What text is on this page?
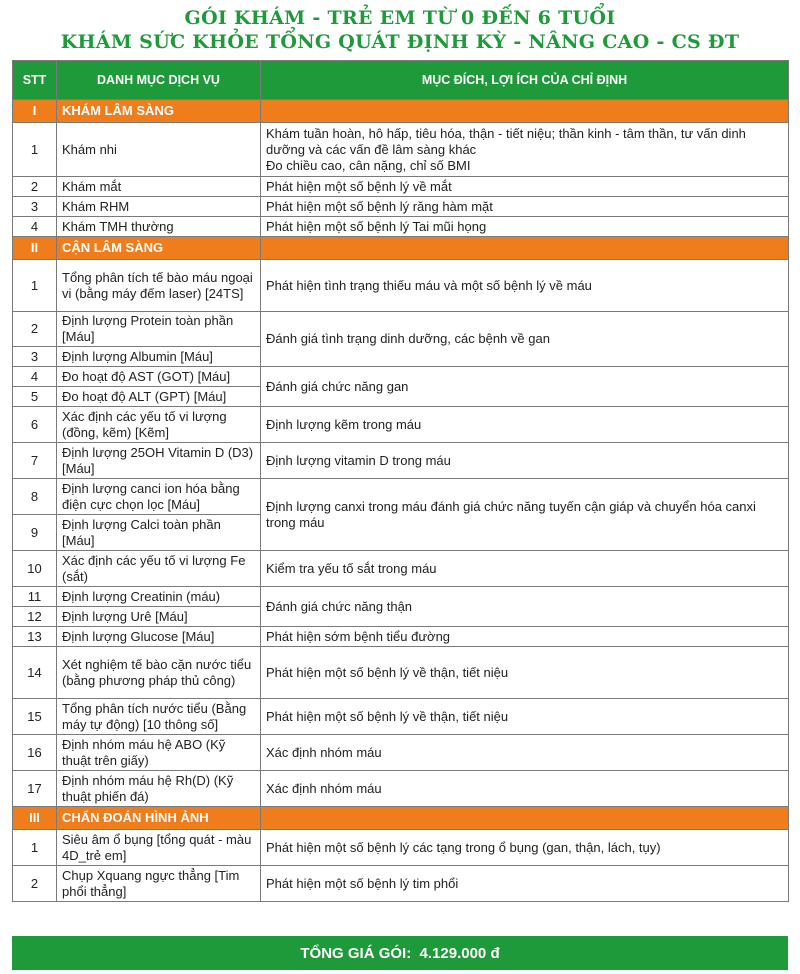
GÓI KHÁM - TRẺ EM TỪ 0 ĐẾN 6 TUỔI
KHÁM SỨC KHỎE TỔNG QUÁT ĐỊNH KỲ - NÂNG CAO - CS ĐT
STT	DANH MỤC DỊCH VỤ	MỤC ĐÍCH, LỢI ÍCH CỦA CHỈ ĐỊNH
I	KHÁM LÂM SÀNG	
1	Khám nhi	Khám tuần hoàn, hô hấp, tiêu hóa, thận - tiết niệu; thần kinh - tâm thần, tư vấn dinh dưỡng và các vấn đề lâm sàng khác
Đo chiều cao, cân nặng, chỉ số BMI
2	Khám mắt	Phát hiện một số bệnh lý về mắt
3	Khám RHM	Phát hiện một số bệnh lý răng hàm mặt
4	Khám TMH thường	Phát hiện một số bệnh lý Tai mũi họng
II	CẬN LÂM SÀNG	
1	Tổng phân tích tế bào máu ngoại vi (bằng máy đếm laser) [24TS]	Phát hiện tình trạng thiếu máu và một số bệnh lý về máu
2	Định lượng Protein toàn phần [Máu]	Đánh giá tình trạng dinh dưỡng, các bệnh về gan
3	Định lượng Albumin [Máu]	
4	Đo hoạt độ AST (GOT) [Máu]	Đánh giá chức năng gan
5	Đo hoạt độ ALT (GPT) [Máu]	
6	Xác định các yếu tố vi lượng (đồng, kẽm) [Kẽm]	Định lượng kẽm trong máu
7	Định lượng 25OH Vitamin D (D3) [Máu]	Định lượng vitamin D trong máu
8	Định lượng canci ion hóa bằng điện cực chọn lọc [Máu]	Định lượng canxi trong máu đánh giá chức năng tuyến cận giáp và chuyển hóa canxi trong máu
9	Định lượng Calci toàn phần [Máu]	
10	Xác định các yếu tố vi lượng Fe (sắt)	Kiểm tra yếu tố sắt trong máu
11	Định lượng Creatinin (máu)	Đánh giá chức năng thận
12	Định lượng Urê [Máu]	
13	Định lượng Glucose [Máu]	Phát hiện sớm bệnh tiểu đường
14	Xét nghiệm tế bào cặn nước tiểu (bằng phương pháp thủ công)	Phát hiện một số bệnh lý về thận, tiết niệu
15	Tổng phân tích nước tiểu (Bằng máy tự động) [10 thông số]	Phát hiện một số bệnh lý về thận, tiết niệu
16	Định nhóm máu hệ ABO (Kỹ thuật trên giấy)	Xác định nhóm máu
17	Định nhóm máu hệ Rh(D) (Kỹ thuật phiến đá)	Xác định nhóm máu
III	CHẨN ĐOÁN HÌNH ẢNH	
1	Siêu âm ổ bụng [tổng quát - màu 4D_trẻ em]	Phát hiện một số bệnh lý các tạng trong ổ bụng (gan, thận, lách, tụy)
2	Chụp Xquang ngực thẳng [Tim phổi thẳng]	Phát hiện một số bệnh lý tim phổi
TỔNG GIÁ GÓI:  4.129.000 đ
